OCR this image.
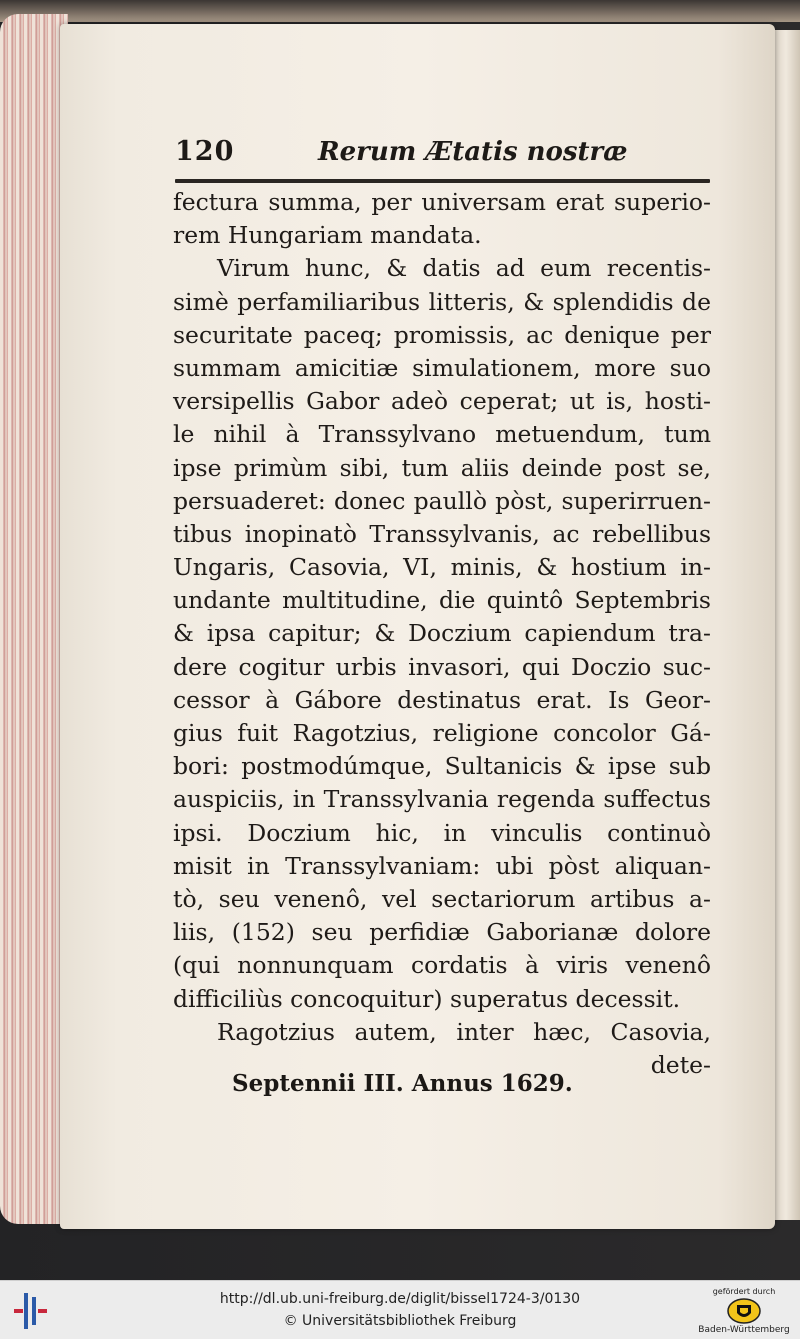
120	Rerum Ætatis nostræ
fectura summa, per universam erat superio-
rem Hungariam mandata.
Virum hunc, & datis ad eum recentis-
simè perfamiliaribus litteris, & splendidis de
securitate paceq; promissis, ac denique per
summam amicitiæ simulationem, more suo
versipellis Gabor adeò ceperat; ut is, hosti-
le nihil à Transsylvano metuendum, tum
ipse primùm sibi, tum aliis deinde post se,
persuaderet: donec paullò pòst, superirruen-
tibus inopinatò Transsylvanis, ac rebellibus
Ungaris, Casovia, VI, minis, & hostium in-
undante multitudine, die quintô Septembris
& ipsa capitur; & Doczium capiendum tra-
dere cogitur urbis invasori, qui Doczio suc-
cessor à Gábore destinatus erat. Is Geor-
gius fuit Ragotzius, religione concolor Gá-
bori: postmodúmque, Sultanicis & ipse sub
auspiciis, in Transsylvania regenda suffectus
ipsi. Doczium hic, in vinculis continuò
misit in Transsylvaniam: ubi pòst aliquan-
tò, seu venenô, vel sectariorum artibus a-
liis, (152) seu perfidiæ Gaborianæ dolore
(qui nonnunquam cordatis à viris venenô
difficiliùs concoquitur) superatus decessit.
Ragotzius autem, inter hæc, Casovia,
dete-
Septennii III. Annus 1629.
http://dl.ub.uni-freiburg.de/diglit/bissel1724-3/0130
© Universitätsbibliothek Freiburg
gefördert durch
Baden-Württemberg
